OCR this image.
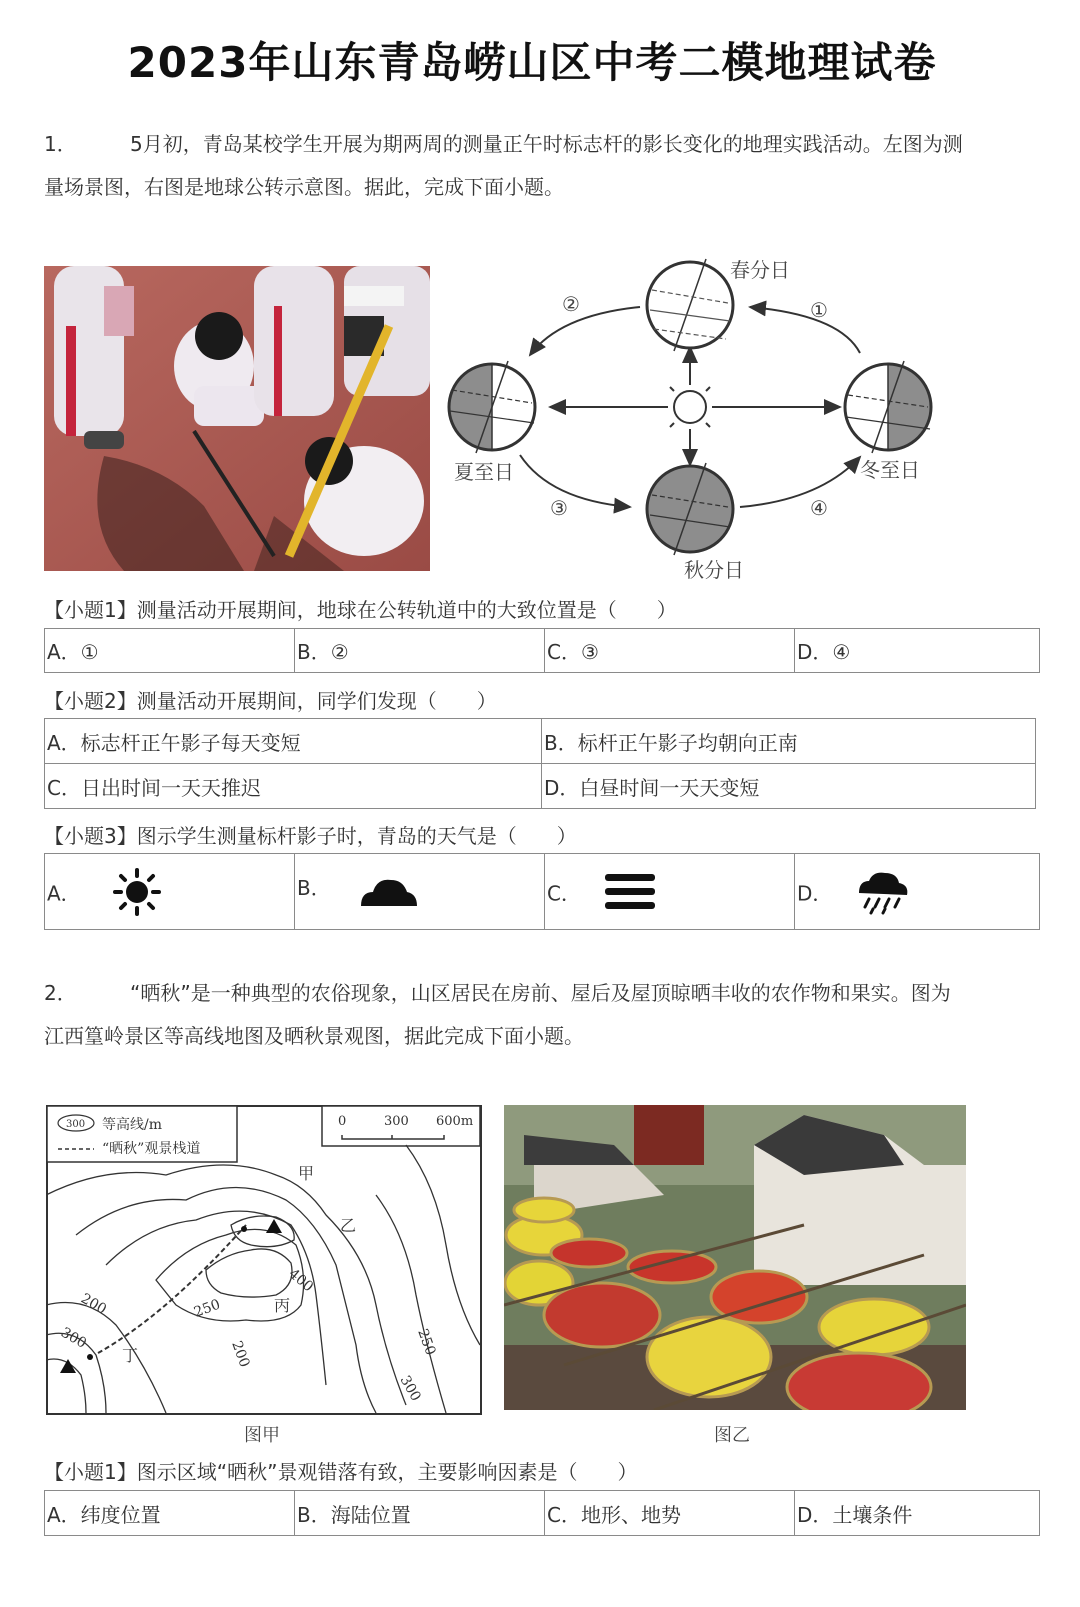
2023年山东青岛崂山区中考二模地理试卷
1．	5月初，青岛某校学生开展为期两周的测量正午时标志杆的影长变化的地理实践活动。左图为测
量场景图，右图是地球公转示意图。据此，完成下面小题。
春分日
夏至日
秋分日
冬至日
①
②
③	④
【小题1】测量活动开展期间，地球在公转轨道中的大致位置是（　　）
A．①	B．②	C．③	D．④
【小题2】测量活动开展期间，同学们发现（　　）
A．标志杆正午影子每天变短	B．标杆正午影子均朝向正南
C．日出时间一天天推迟	D．白昼时间一天天变短
【小题3】图示学生测量标杆影子时，青岛的天气是（　　）
A．	B．	C．	D．
2．	“晒秋”是一种典型的农俗现象，山区居民在房前、屋后及屋顶晾晒丰收的农作物和果实。图为
江西篁岭景区等高线地图及晒秋景观图，据此完成下面小题。
300 等高线/m
“晒秋”观景栈道
0	300 600m
甲
乙
丙
丁
200
300
250
400
200	250
300
图甲	图乙
【小题1】图示区域“晒秋”景观错落有致，主要影响因素是（　　）
A．纬度位置	B．海陆位置	C．地形、地势	D．土壤条件
